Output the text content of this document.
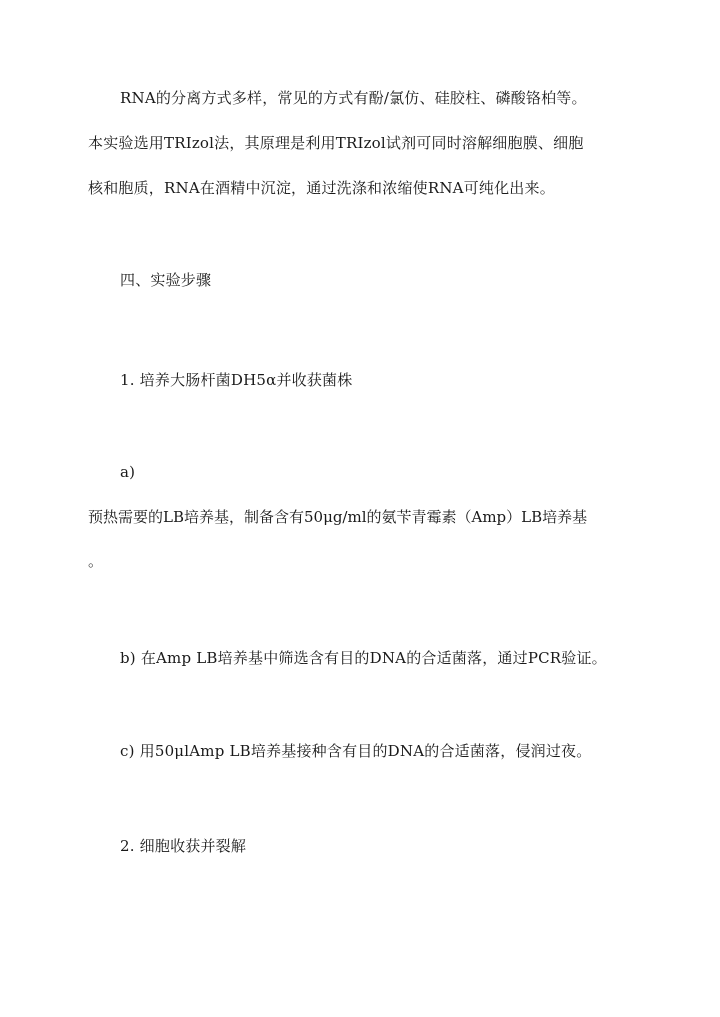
RNA的分离方式多样，常见的方式有酚/氯仿、硅胶柱、磷酸铬柏等。
本实验选用TRIzol法，其原理是利用TRIzol试剂可同时溶解细胞膜、细胞
核和胞质，RNA在酒精中沉淀，通过洗涤和浓缩使RNA可纯化出来。
四、实验步骤
1. 培养大肠杆菌DH5α并收获菌株
a)
预热需要的LB培养基，制备含有50μg/ml的氨苄青霉素（Amp）LB培养基
。
b) 在Amp LB培养基中筛选含有目的DNA的合适菌落，通过PCR验证。
c) 用50μlAmp LB培养基接种含有目的DNA的合适菌落，侵润过夜。
2. 细胞收获并裂解
